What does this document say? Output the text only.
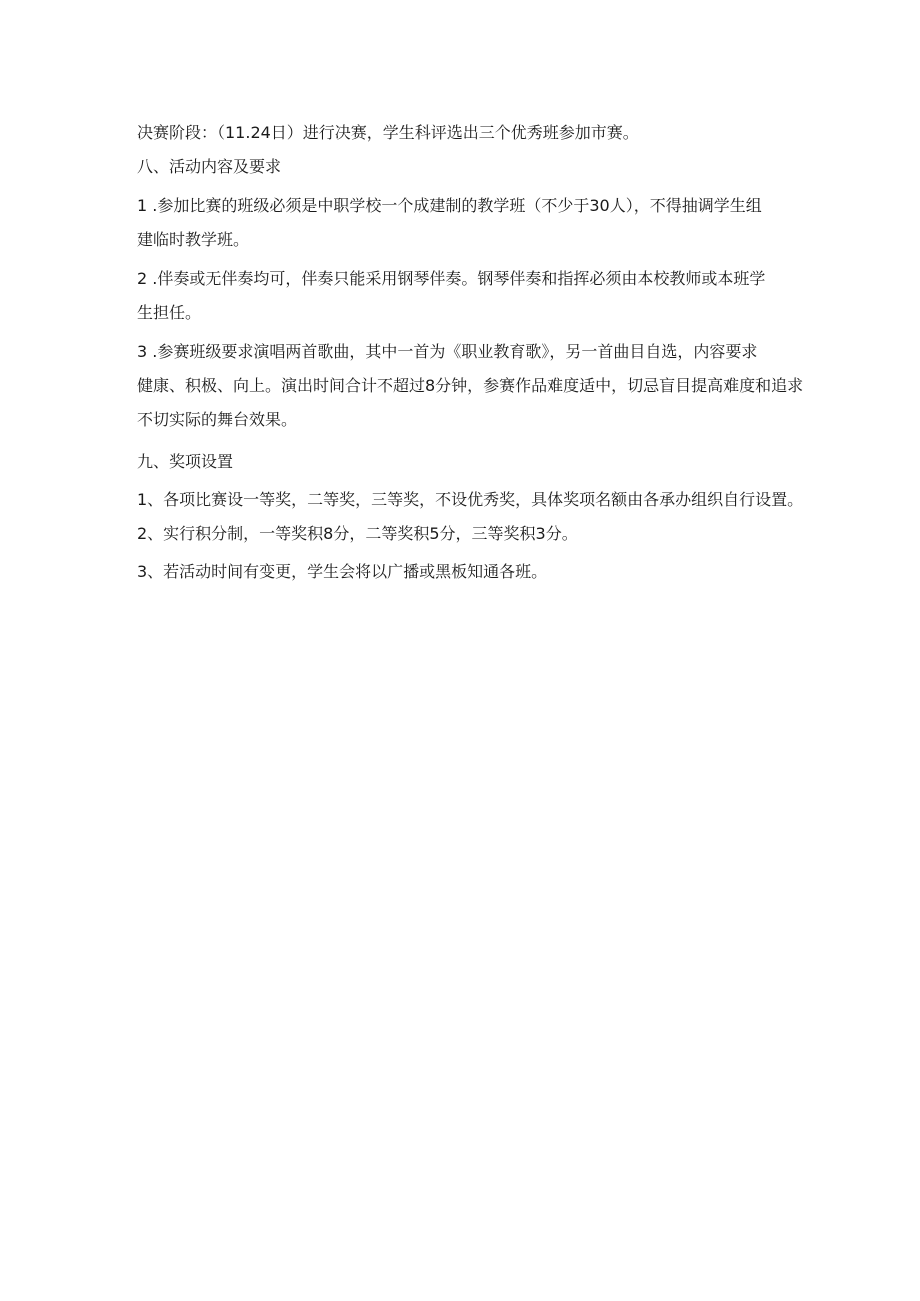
决赛阶段：（11.24日）进行决赛，学生科评选出三个优秀班参加市赛。

八、活动内容及要求

1 .参加比赛的班级必须是中职学校一个成建制的教学班（不少于30人），不得抽调学生组
建临时教学班。

2 .伴奏或无伴奏均可，伴奏只能采用钢琴伴奏。钢琴伴奏和指挥必须由本校教师或本班学
生担任。

3 .参赛班级要求演唱两首歌曲，其中一首为《职业教育歌》，另一首曲目自选，内容要求
健康、积极、向上。演出时间合计不超过8分钟，参赛作品难度适中，切忌盲目提高难度和追求
不切实际的舞台效果。

九、奖项设置

1、各项比赛设一等奖，二等奖，三等奖，不设优秀奖，具体奖项名额由各承办组织自行设置。

2、实行积分制，一等奖积8分，二等奖积5分，三等奖积3分。

3、若活动时间有变更，学生会将以广播或黑板知通各班。
